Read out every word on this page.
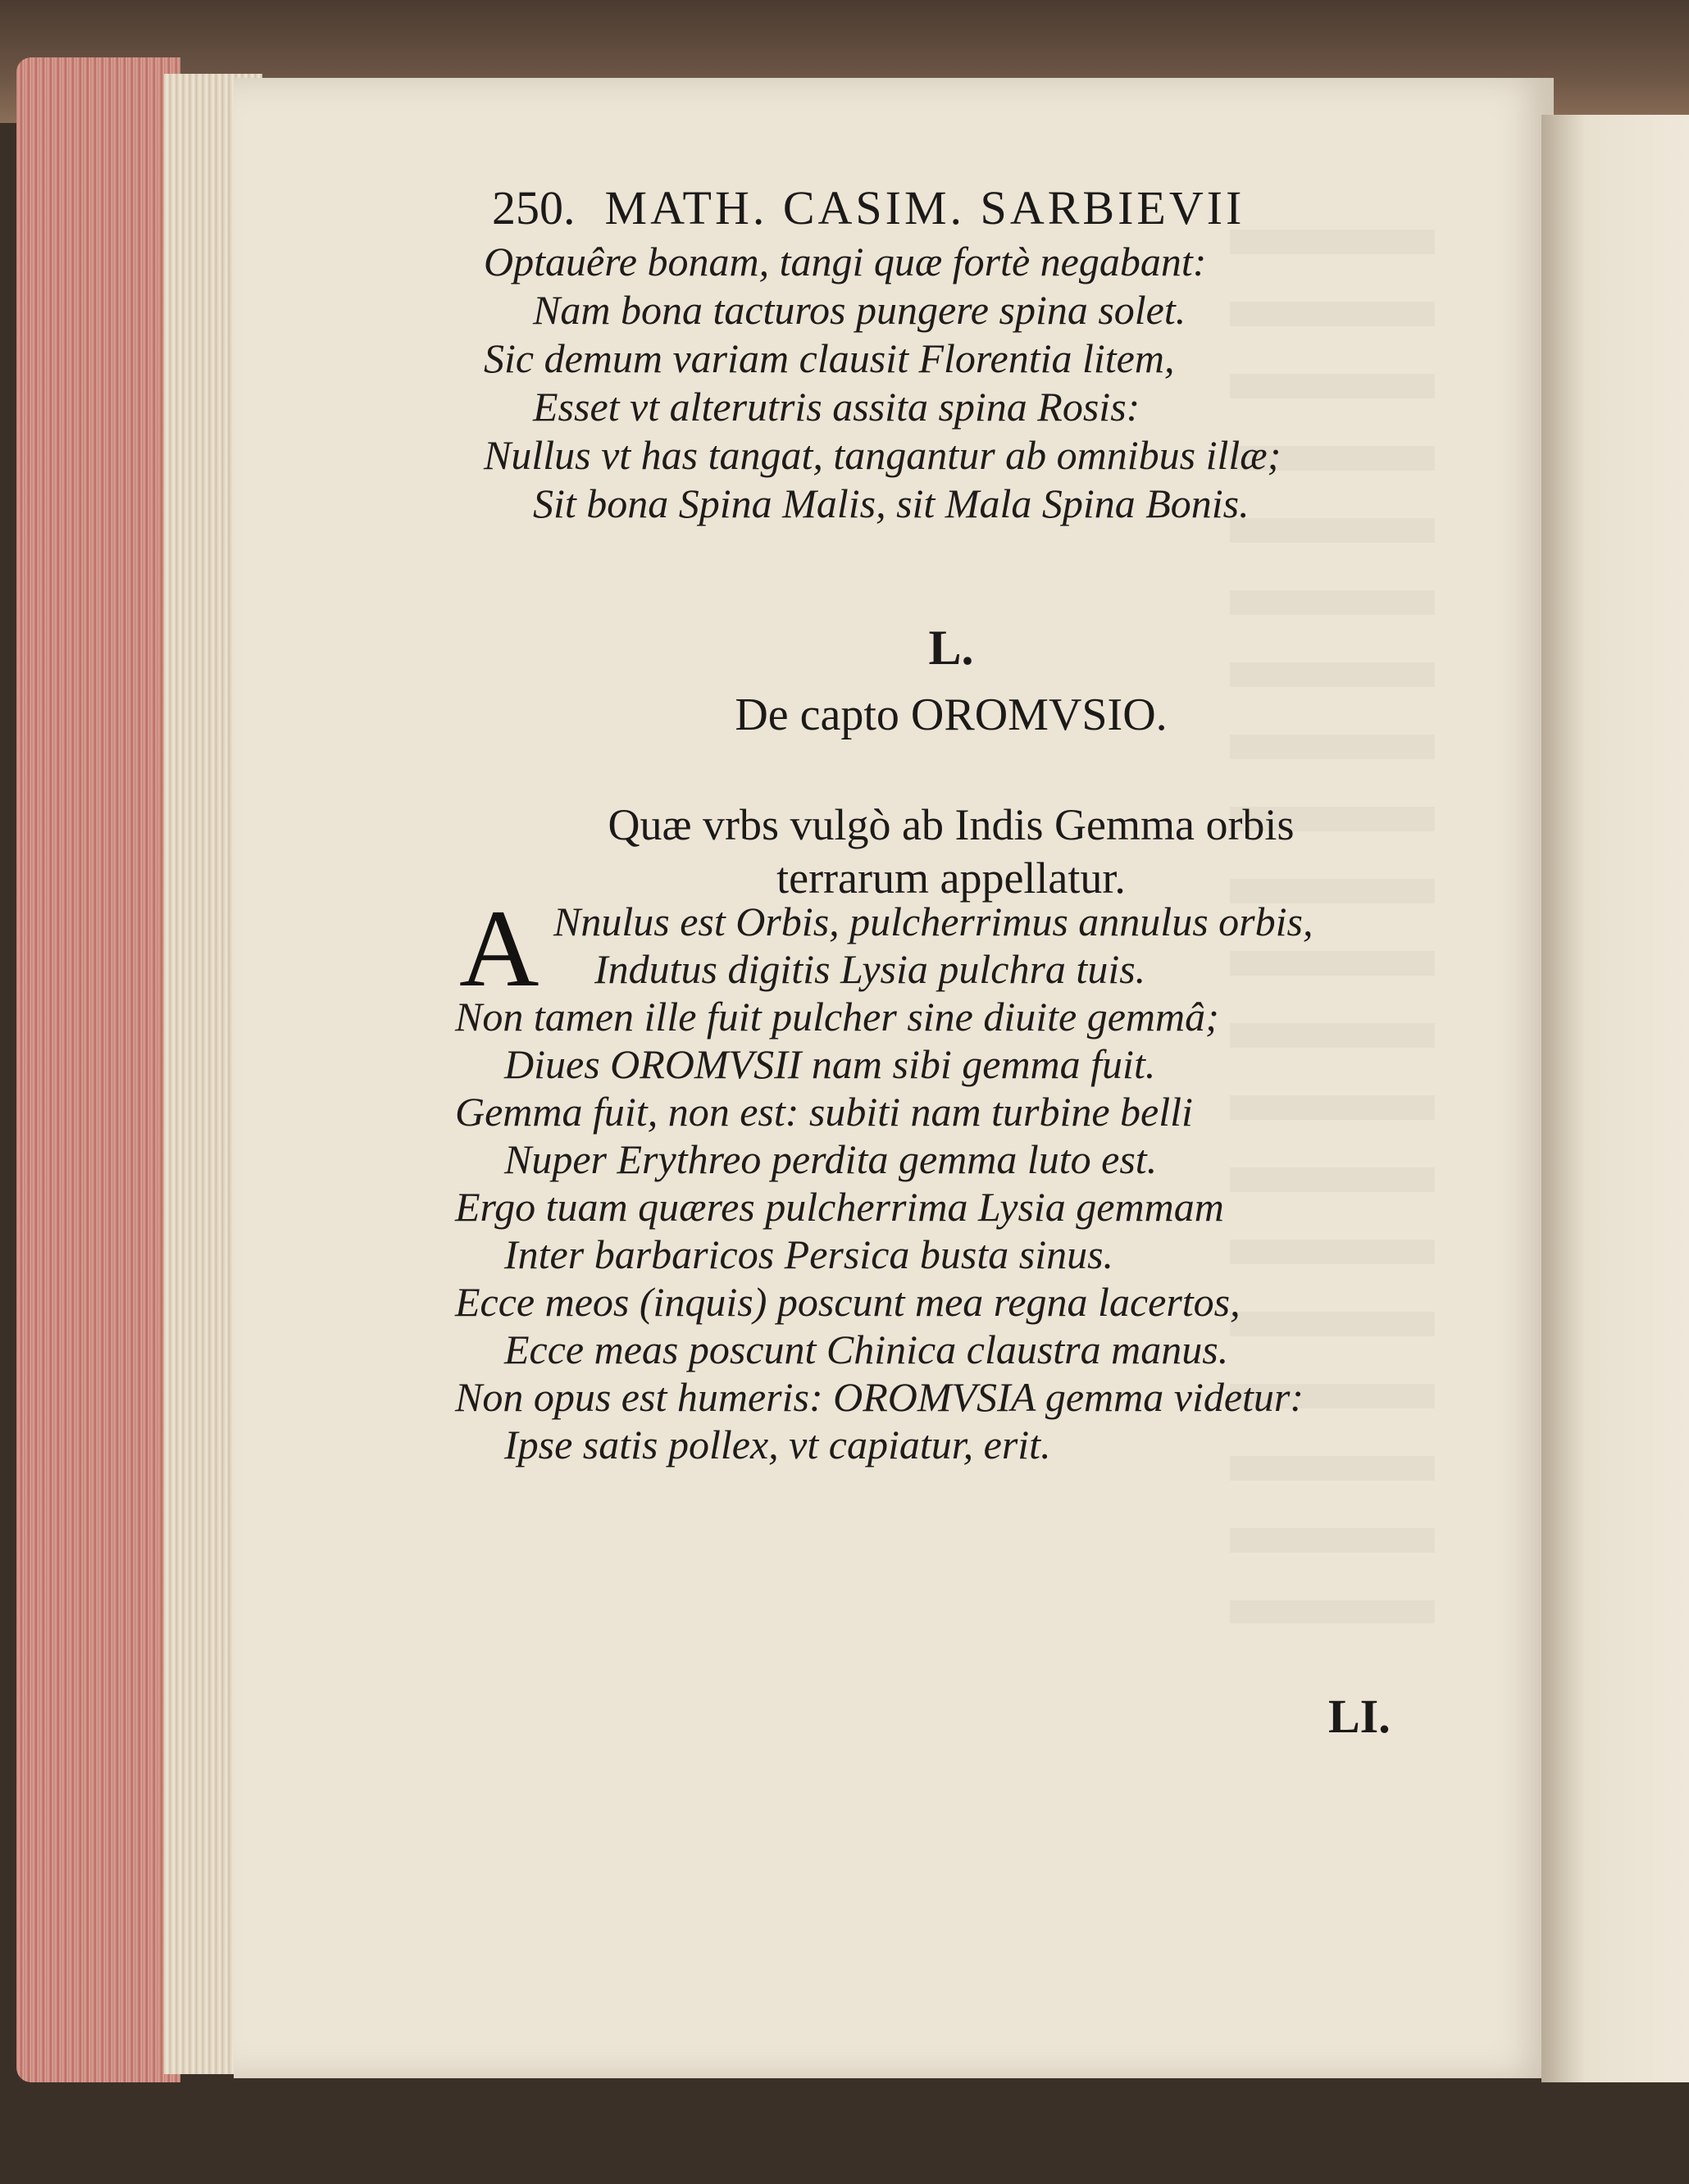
250. MATH. CASIM. SARBIEVII
Optauêre bonam, tangi quæ fortè negabant:
Nam bona tacturos pungere spina solet.
Sic demum variam clausit Florentia litem,
Esset vt alterutris assita spina Rosis:
Nullus vt has tangat, tangantur ab omnibus illæ;
Sit bona Spina Malis, sit Mala Spina Bonis.
L.
De capto OROMVSIO.
Quæ vrbs vulgò ab Indis Gemma orbis
terrarum appellatur.
A Nnulus est Orbis, pulcherrimus annulus orbis,
Indutus digitis Lysia pulchra tuis.
Non tamen ille fuit pulcher sine diuite gemmâ;
Diues OROMVSII nam sibi gemma fuit.
Gemma fuit, non est: subiti nam turbine belli
Nuper Erythreo perdita gemma luto est.
Ergo tuam quæres pulcherrima Lysia gemmam
Inter barbaricos Persica busta sinus.
Ecce meos (inquis) poscunt mea regna lacertos,
Ecce meas poscunt Chinica claustra manus.
Non opus est humeris: OROMVSIA gemma videtur:
Ipse satis pollex, vt capiatur, erit.
LI.
